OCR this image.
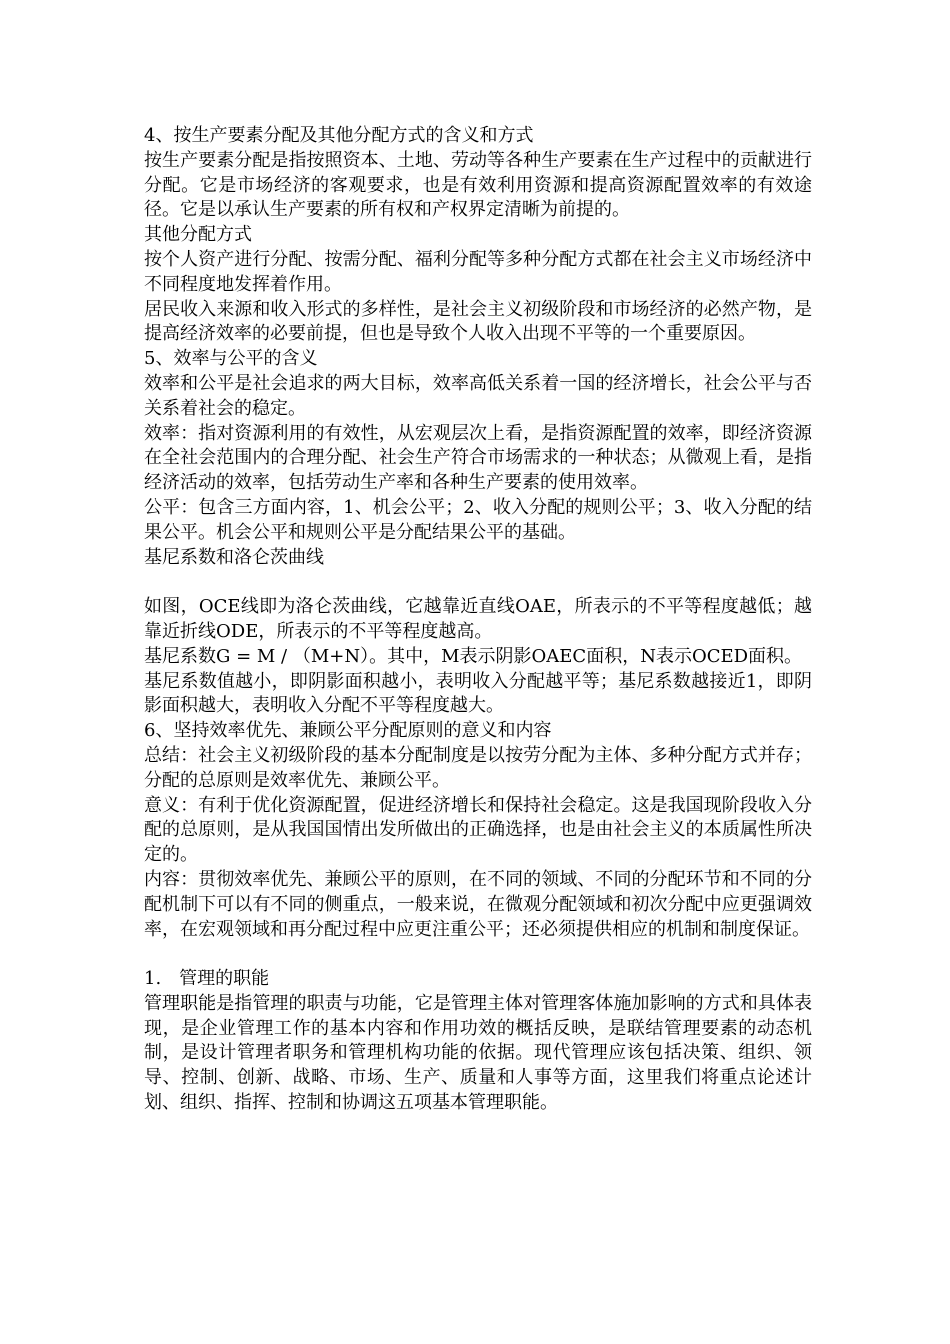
4、按生产要素分配及其他分配方式的含义和方式

按生产要素分配是指按照资本、土地、劳动等各种生产要素在生产过程中的贡献进行分配。它是市场经济的客观要求，也是有效利用资源和提高资源配置效率的有效途径。它是以承认生产要素的所有权和产权界定清晰为前提的。

其他分配方式

按个人资产进行分配、按需分配、福利分配等多种分配方式都在社会主义市场经济中不同程度地发挥着作用。

居民收入来源和收入形式的多样性，是社会主义初级阶段和市场经济的必然产物，是提高经济效率的必要前提，但也是导致个人收入出现不平等的一个重要原因。

5、效率与公平的含义

效率和公平是社会追求的两大目标，效率高低关系着一国的经济增长，社会公平与否关系着社会的稳定。

效率：指对资源利用的有效性，从宏观层次上看，是指资源配置的效率，即经济资源在全社会范围内的合理分配、社会生产符合市场需求的一种状态；从微观上看，是指经济活动的效率，包括劳动生产率和各种生产要素的使用效率。

公平：包含三方面内容，1、机会公平；2、收入分配的规则公平；3、收入分配的结果公平。机会公平和规则公平是分配结果公平的基础。

基尼系数和洛仑茨曲线

如图，OCE线即为洛仑茨曲线，它越靠近直线OAE，所表示的不平等程度越低；越靠近折线ODE，所表示的不平等程度越高。

基尼系数G = M / （M+N）。其中，M表示阴影OAEC面积，N表示OCED面积。

基尼系数值越小，即阴影面积越小，表明收入分配越平等；基尼系数越接近1，即阴影面积越大，表明收入分配不平等程度越大。

6、坚持效率优先、兼顾公平分配原则的意义和内容

总结：社会主义初级阶段的基本分配制度是以按劳分配为主体、多种分配方式并存；分配的总原则是效率优先、兼顾公平。

意义：有利于优化资源配置，促进经济增长和保持社会稳定。这是我国现阶段收入分配的总原则，是从我国国情出发所做出的正确选择，也是由社会主义的本质属性所决定的。

内容：贯彻效率优先、兼顾公平的原则，在不同的领域、不同的分配环节和不同的分配机制下可以有不同的侧重点，一般来说，在微观分配领域和初次分配中应更强调效率，在宏观领域和再分配过程中应更注重公平；还必须提供相应的机制和制度保证。

1.　管理的职能

管理职能是指管理的职责与功能，它是管理主体对管理客体施加影响的方式和具体表现，是企业管理工作的基本内容和作用功效的概括反映，是联结管理要素的动态机制，是设计管理者职务和管理机构功能的依据。现代管理应该包括决策、组织、领导、控制、创新、战略、市场、生产、质量和人事等方面，这里我们将重点论述计划、组织、指挥、控制和协调这五项基本管理职能。
